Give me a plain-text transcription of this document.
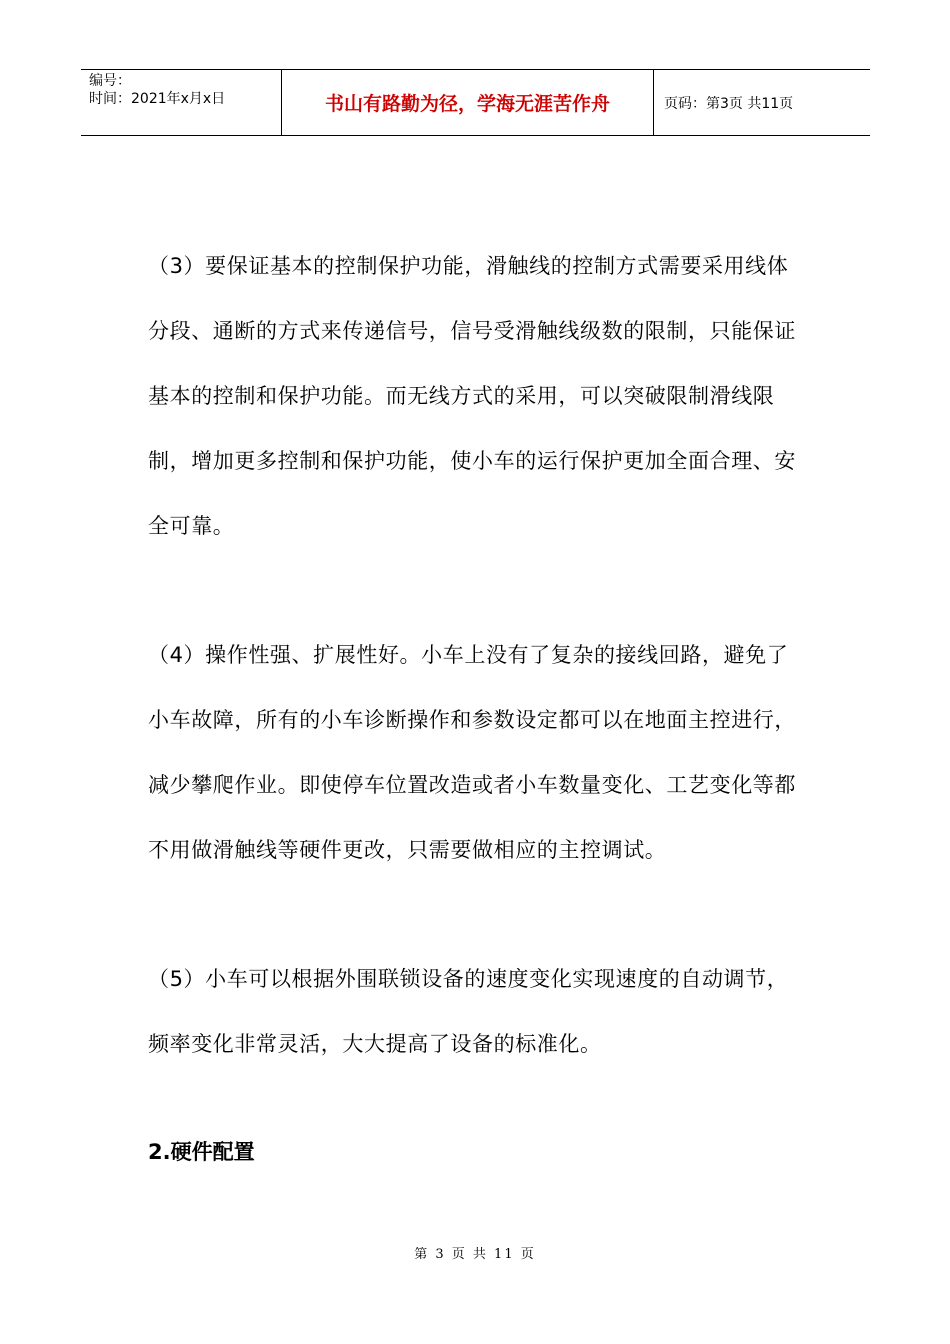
编号：
时间：2021年x月x日	书山有路勤为径，学海无涯苦作舟	页码：第3页 共11页

（3）要保证基本的控制保护功能，滑触线的控制方式需要采用线体分段、通断的方式来传递信号，信号受滑触线级数的限制，只能保证基本的控制和保护功能。而无线方式的采用，可以突破限制滑线限制，增加更多控制和保护功能，使小车的运行保护更加全面合理、安全可靠。

（4）操作性强、扩展性好。小车上没有了复杂的接线回路，避免了小车故障，所有的小车诊断操作和参数设定都可以在地面主控进行，减少攀爬作业。即使停车位置改造或者小车数量变化、工艺变化等都不用做滑触线等硬件更改，只需要做相应的主控调试。

（5）小车可以根据外围联锁设备的速度变化实现速度的自动调节，频率变化非常灵活，大大提高了设备的标准化。

2.硬件配置
第 3 页 共 11 页
